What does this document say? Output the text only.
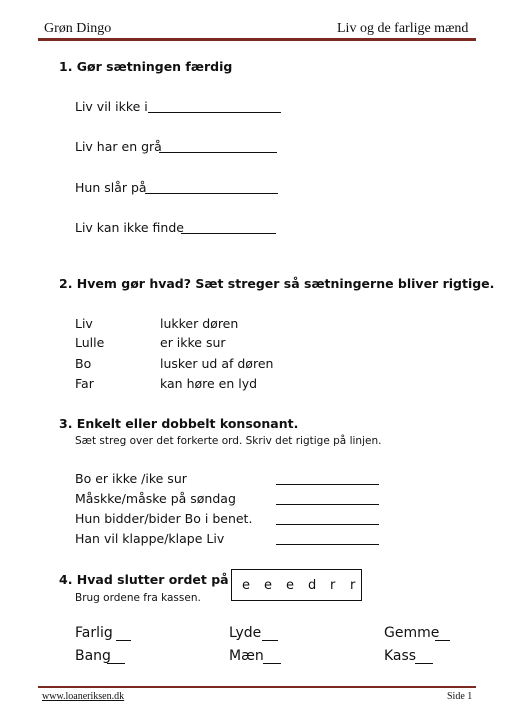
Grøn Dingo	Liv og de farlige mænd
1. Gør sætningen færdig
Liv vil ikke i
Liv har en grå
Hun slår på
Liv kan ikke finde
2. Hvem gør hvad? Sæt streger så sætningerne bliver rigtige.
Liv	lukker døren
Lulle	er ikke sur
Bo	lusker ud af døren
Far	kan høre en lyd
3. Enkelt eller dobbelt konsonant.
Sæt streg over det forkerte ord. Skriv det rigtige på linjen.
Bo er ikke /ike sur
Måskke/måske på søndag
Hun bidder/bider Bo i benet.
Han vil klappe/klape Liv
4. Hvad slutter ordet på
Brug ordene fra kassen.
e e e d r r
Farlig	Lyde	Gemme
Bang	Mæn	Kass
www.loaneriksen.dk	Side 1
